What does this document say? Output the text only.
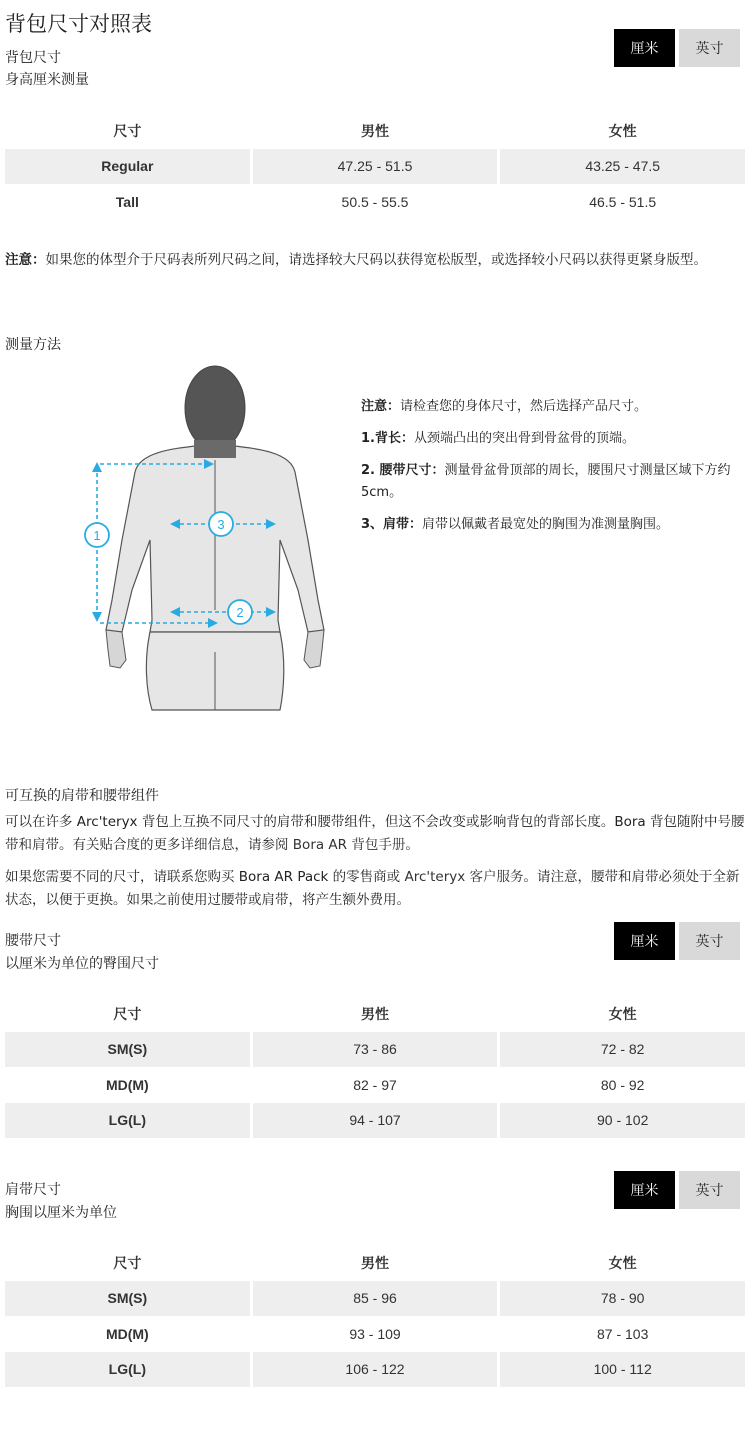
背包尺寸对照表
背包尺寸
身高厘米测量
厘米	英寸
尺寸	男性	女性
Regular	47.25 - 51.5	43.25 - 47.5
Tall	50.5 - 55.5	46.5 - 51.5
注意：如果您的体型介于尺码表所列尺码之间，请选择较大尺码以获得宽松版型，或选择较小尺码以获得更紧身版型。
测量方法
1
3
2

注意：请检查您的身体尺寸，然后选择产品尺寸。

1.背长：从颈端凸出的突出骨到骨盆骨的顶端。

2. 腰带尺寸：测量骨盆骨顶部的周长，腰围尺寸测量区域下方约5cm。

3、肩带：肩带以佩戴者最宽处的胸围为准测量胸围。

可互换的肩带和腰带组件
可以在许多 Arc'teryx 背包上互换不同尺寸的肩带和腰带组件，但这不会改变或影响背包的背部长度。Bora 背包随附中号腰带和肩带。有关贴合度的更多详细信息，请参阅 Bora AR 背包手册。
如果您需要不同的尺寸，请联系您购买 Bora AR Pack 的零售商或 Arc'teryx 客户服务。请注意，腰带和肩带必须处于全新状态，以便于更换。如果之前使用过腰带或肩带，将产生额外费用。
腰带尺寸
以厘米为单位的臀围尺寸
厘米	英寸
尺寸	男性	女性
SM(S)	73 - 86	72 - 82
MD(M)	82 - 97	80 - 92
LG(L)	94 - 107	90 - 102
肩带尺寸
胸围以厘米为单位
厘米	英寸
尺寸	男性	女性
SM(S)	85 - 96	78 - 90
MD(M)	93 - 109	87 - 103
LG(L)	106 - 122	100 - 112
